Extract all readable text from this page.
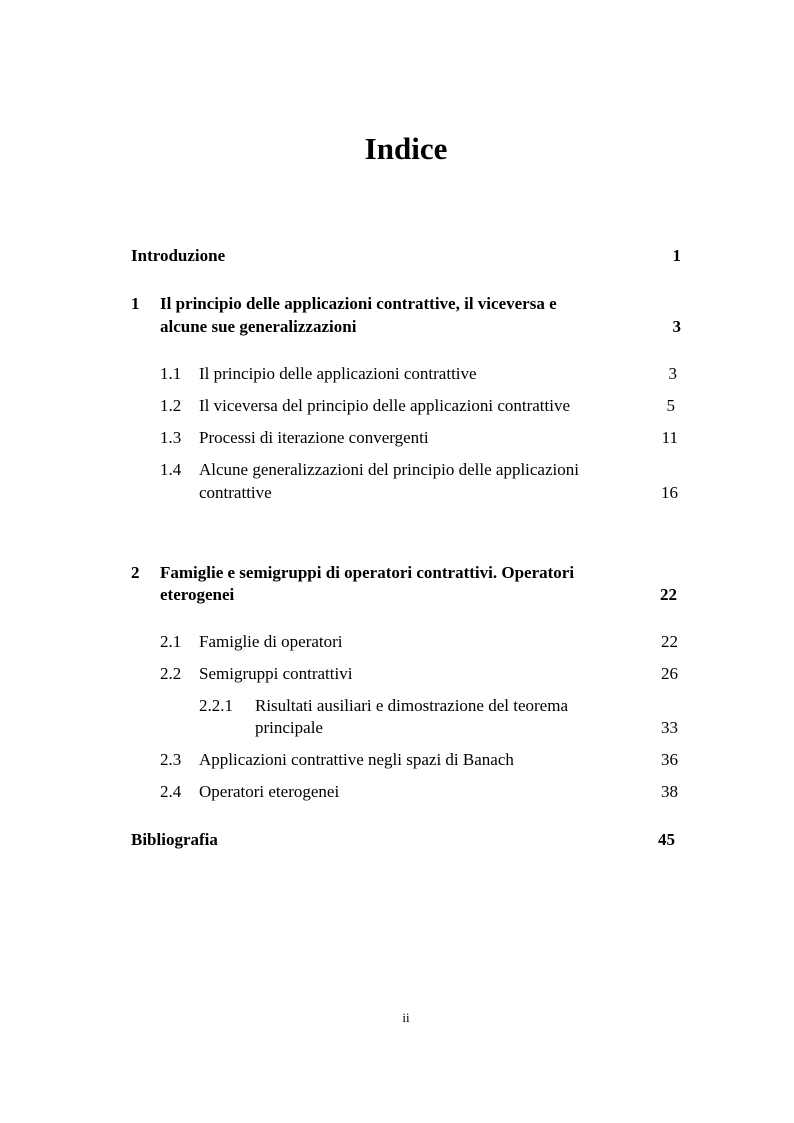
Indice
Introduzione	1
1 Il principio delle applicazioni contrattive, il viceversa e
alcune sue generalizzazioni	3
1.1 Il principio delle applicazioni contrattive	3
1.2 Il viceversa del principio delle applicazioni contrattive	5
1.3 Processi di iterazione convergenti	11
1.4 Alcune generalizzazioni del principio delle applicazioni
contrattive	16
2 Famiglie e semigruppi di operatori contrattivi. Operatori
eterogenei	22
2.1 Famiglie di operatori	22
2.2 Semigruppi contrattivi	26
2.2.1 Risultati ausiliari e dimostrazione del teorema
principale	33
2.3 Applicazioni contrattive negli spazi di Banach	36
2.4 Operatori eterogenei	38
Bibliografia	45
ii
